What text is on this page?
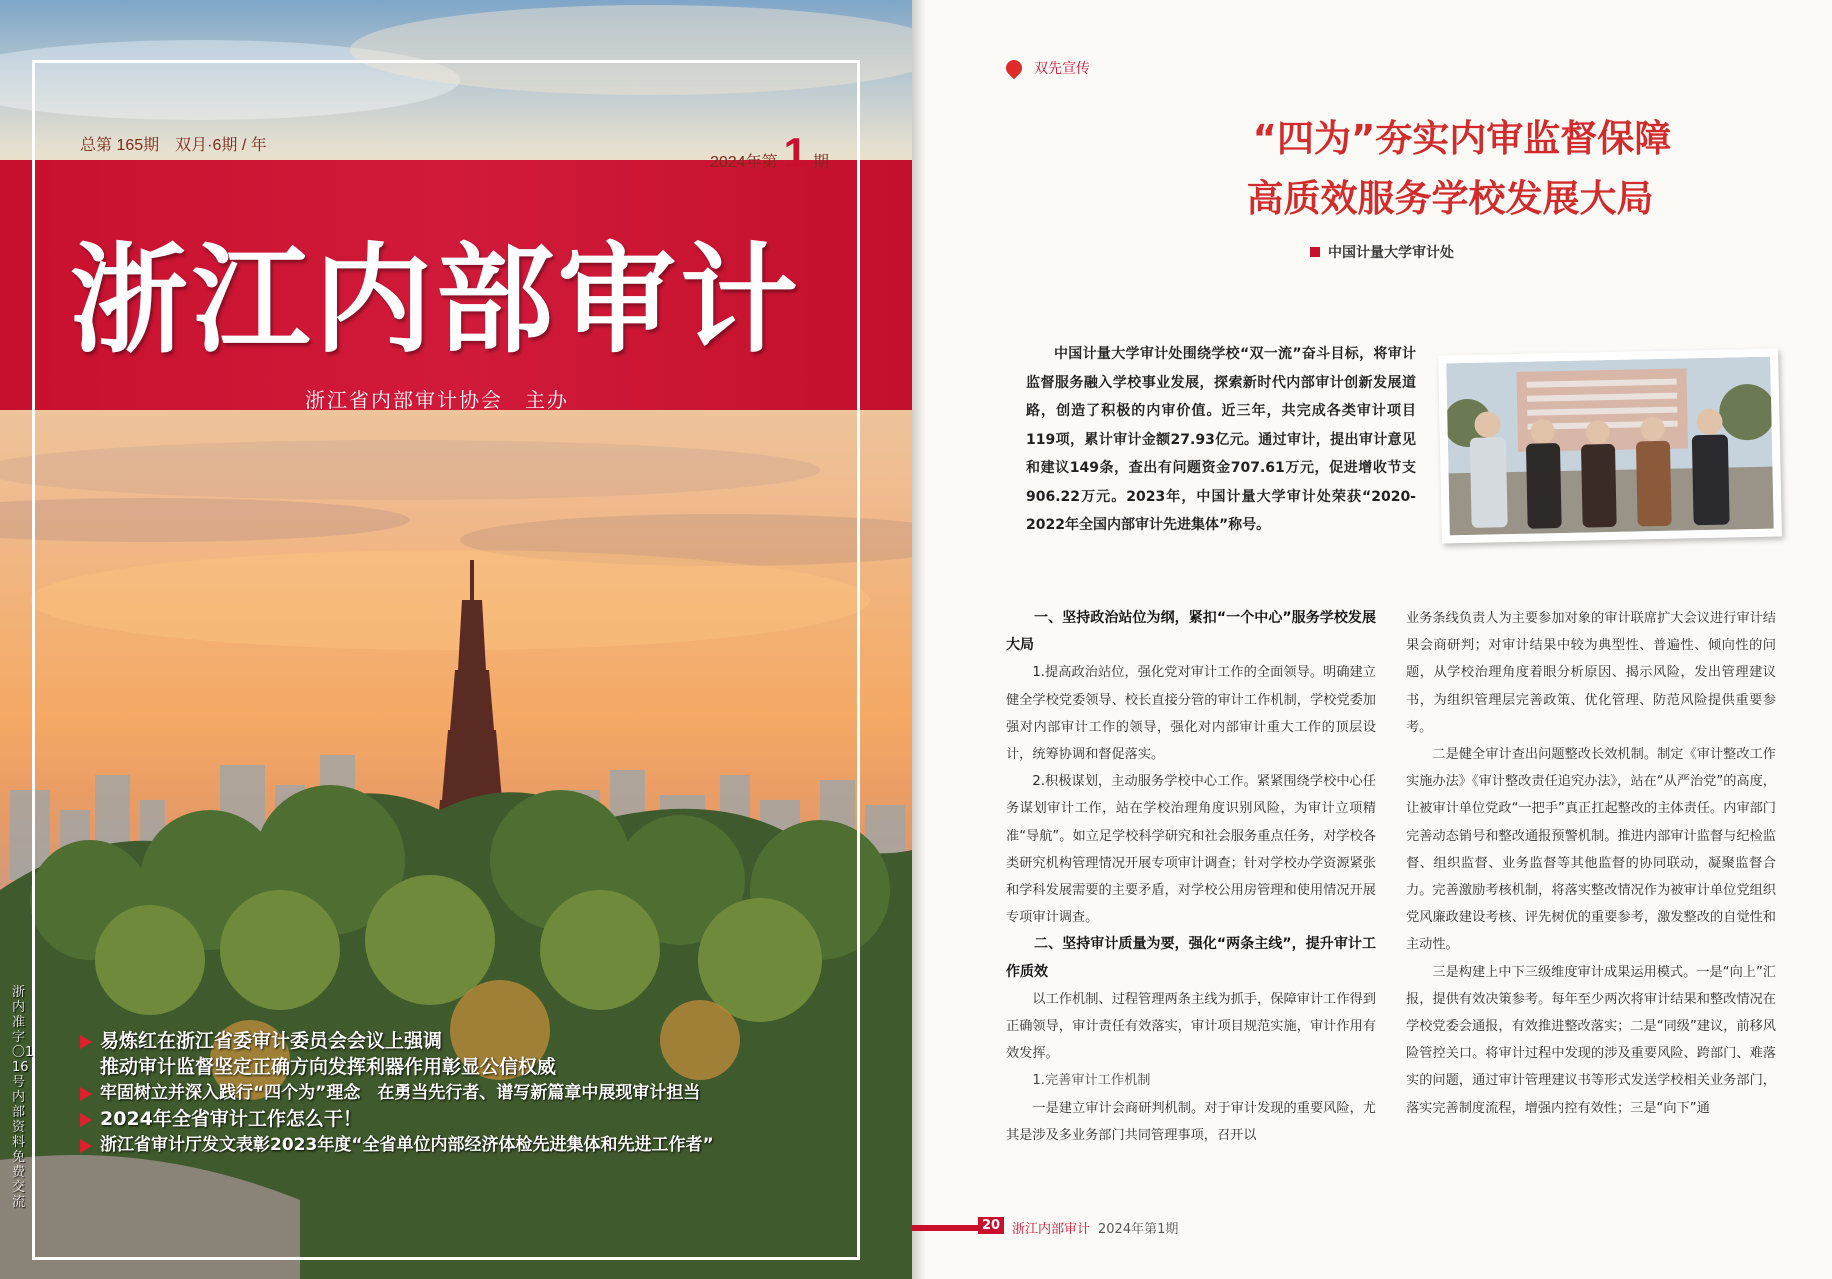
总第 165期　双月·6期 / 年
2024年第 1 期
浙江内部审计
浙江省内部审计协会　主办
浙内准字〇116号 内部资料 免费交流
易炼红在浙江省委审计委员会会议上强调
推动审计监督坚定正确方向发挥利器作用彰显公信权威
牢固树立并深入践行“四个为”理念　在勇当先行者、谱写新篇章中展现审计担当
2024年全省审计工作怎么干！
浙江省审计厅发文表彰2023年度“全省单位内部经济体检先进集体和先进工作者”
双先宣传
“四为”夯实内审监督保障
高质效服务学校发展大局
中国计量大学审计处

中国计量大学审计处围绕学校“双一流”奋斗目标，将审计监督服务融入学校事业发展，探索新时代内部审计创新发展道路，创造了积极的内审价值。近三年，共完成各类审计项目119项，累计审计金额27.93亿元。通过审计，提出审计意见和建议149条，查出有问题资金707.61万元，促进增收节支906.22万元。2023年，中国计量大学审计处荣获“2020-2022年全国内部审计先进集体”称号。

一、坚持政治站位为纲，紧扣“一个中心”服务学校发展大局

1.提高政治站位，强化党对审计工作的全面领导。明确建立健全学校党委领导、校长直接分管的审计工作机制，学校党委加强对内部审计工作的领导，强化对内部审计重大工作的顶层设计，统筹协调和督促落实。

2.积极谋划，主动服务学校中心工作。紧紧围绕学校中心任务谋划审计工作，站在学校治理角度识别风险，为审计立项精准“导航”。如立足学校科学研究和社会服务重点任务，对学校各类研究机构管理情况开展专项审计调查；针对学校办学资源紧张和学科发展需要的主要矛盾，对学校公用房管理和使用情况开展专项审计调查。

二、坚持审计质量为要，强化“两条主线”，提升审计工作质效

以工作机制、过程管理两条主线为抓手，保障审计工作得到正确领导，审计责任有效落实，审计项目规范实施，审计作用有效发挥。

1.完善审计工作机制

一是建立审计会商研判机制。对于审计发现的重要风险，尤其是涉及多业务部门共同管理事项，召开以

业务条线负责人为主要参加对象的审计联席扩大会议进行审计结果会商研判；对审计结果中较为典型性、普遍性、倾向性的问题，从学校治理角度着眼分析原因、揭示风险，发出管理建议书，为组织管理层完善政策、优化管理、防范风险提供重要参考。

二是健全审计查出问题整改长效机制。制定《审计整改工作实施办法》《审计整改责任追究办法》，站在“从严治党”的高度，让被审计单位党政“一把手”真正扛起整改的主体责任。内审部门完善动态销号和整改通报预警机制。推进内部审计监督与纪检监督、组织监督、业务监督等其他监督的协同联动，凝聚监督合力。完善激励考核机制，将落实整改情况作为被审计单位党组织党风廉政建设考核、评先树优的重要参考，激发整改的自觉性和主动性。

三是构建上中下三级维度审计成果运用模式。一是“向上”汇报，提供有效决策参考。每年至少两次将审计结果和整改情况在学校党委会通报，有效推进整改落实；二是“同级”建议，前移风险管控关口。将审计过程中发现的涉及重要风险、跨部门、难落实的问题，通过审计管理建议书等形式发送学校相关业务部门，落实完善制度流程，增强内控有效性；三是“向下”通

20 浙江内部审计 2024年第1期
